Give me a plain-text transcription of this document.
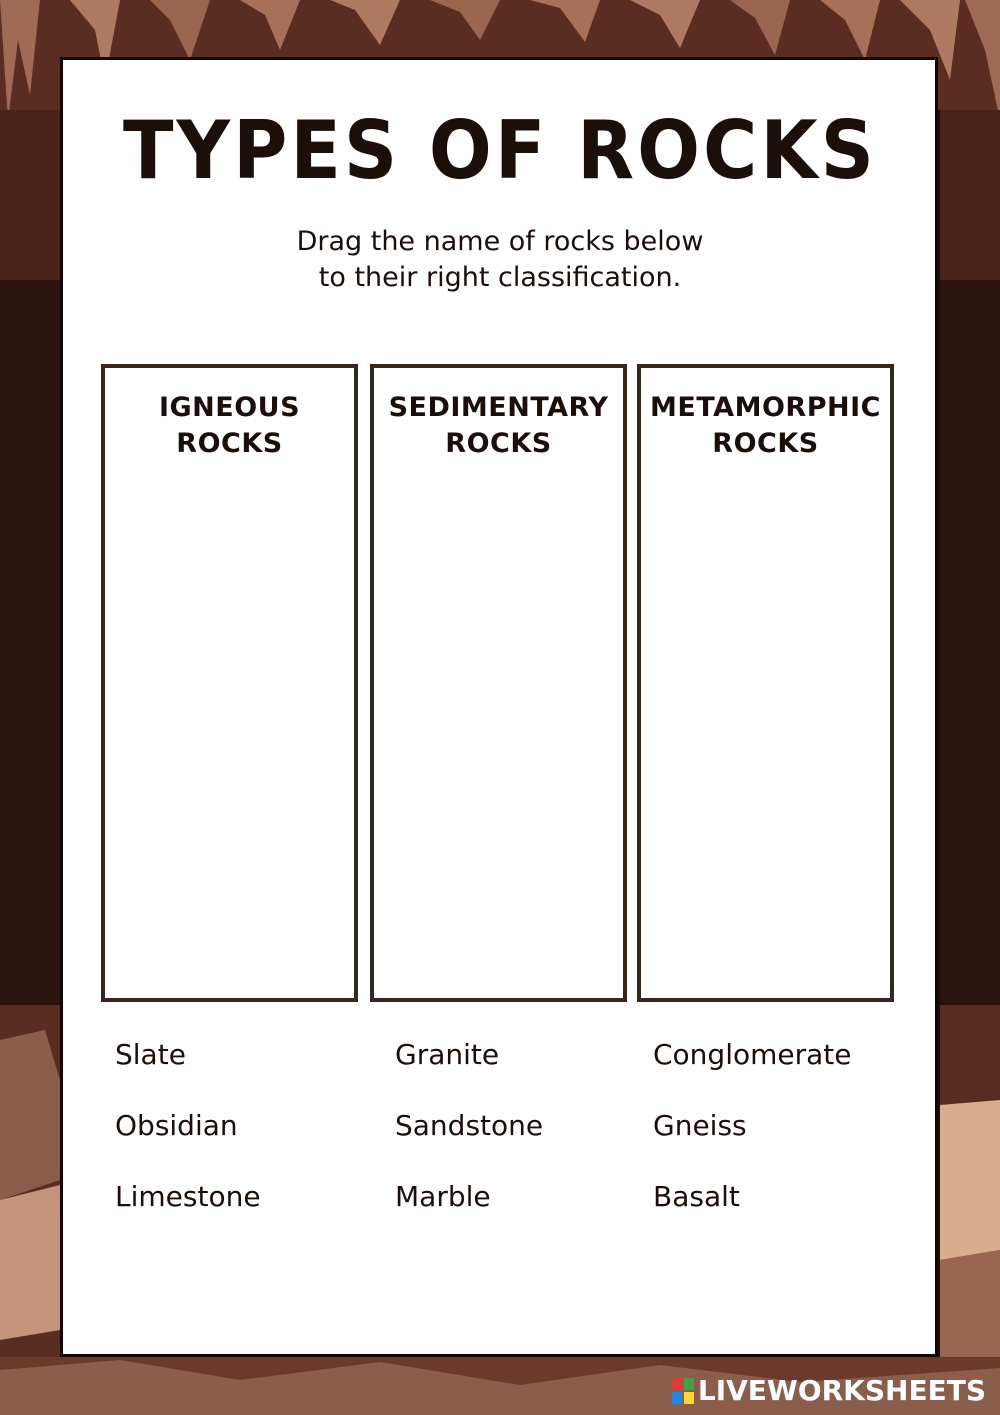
TYPES OF ROCKS
Drag the name of rocks below
to their right classification.
IGNEOUS
ROCKS
SEDIMENTARY
ROCKS
METAMORPHIC
ROCKS
Slate
Obsidian
Limestone
Granite
Sandstone
Marble
Conglomerate
Gneiss
Basalt
LIVEWORKSHEETS
